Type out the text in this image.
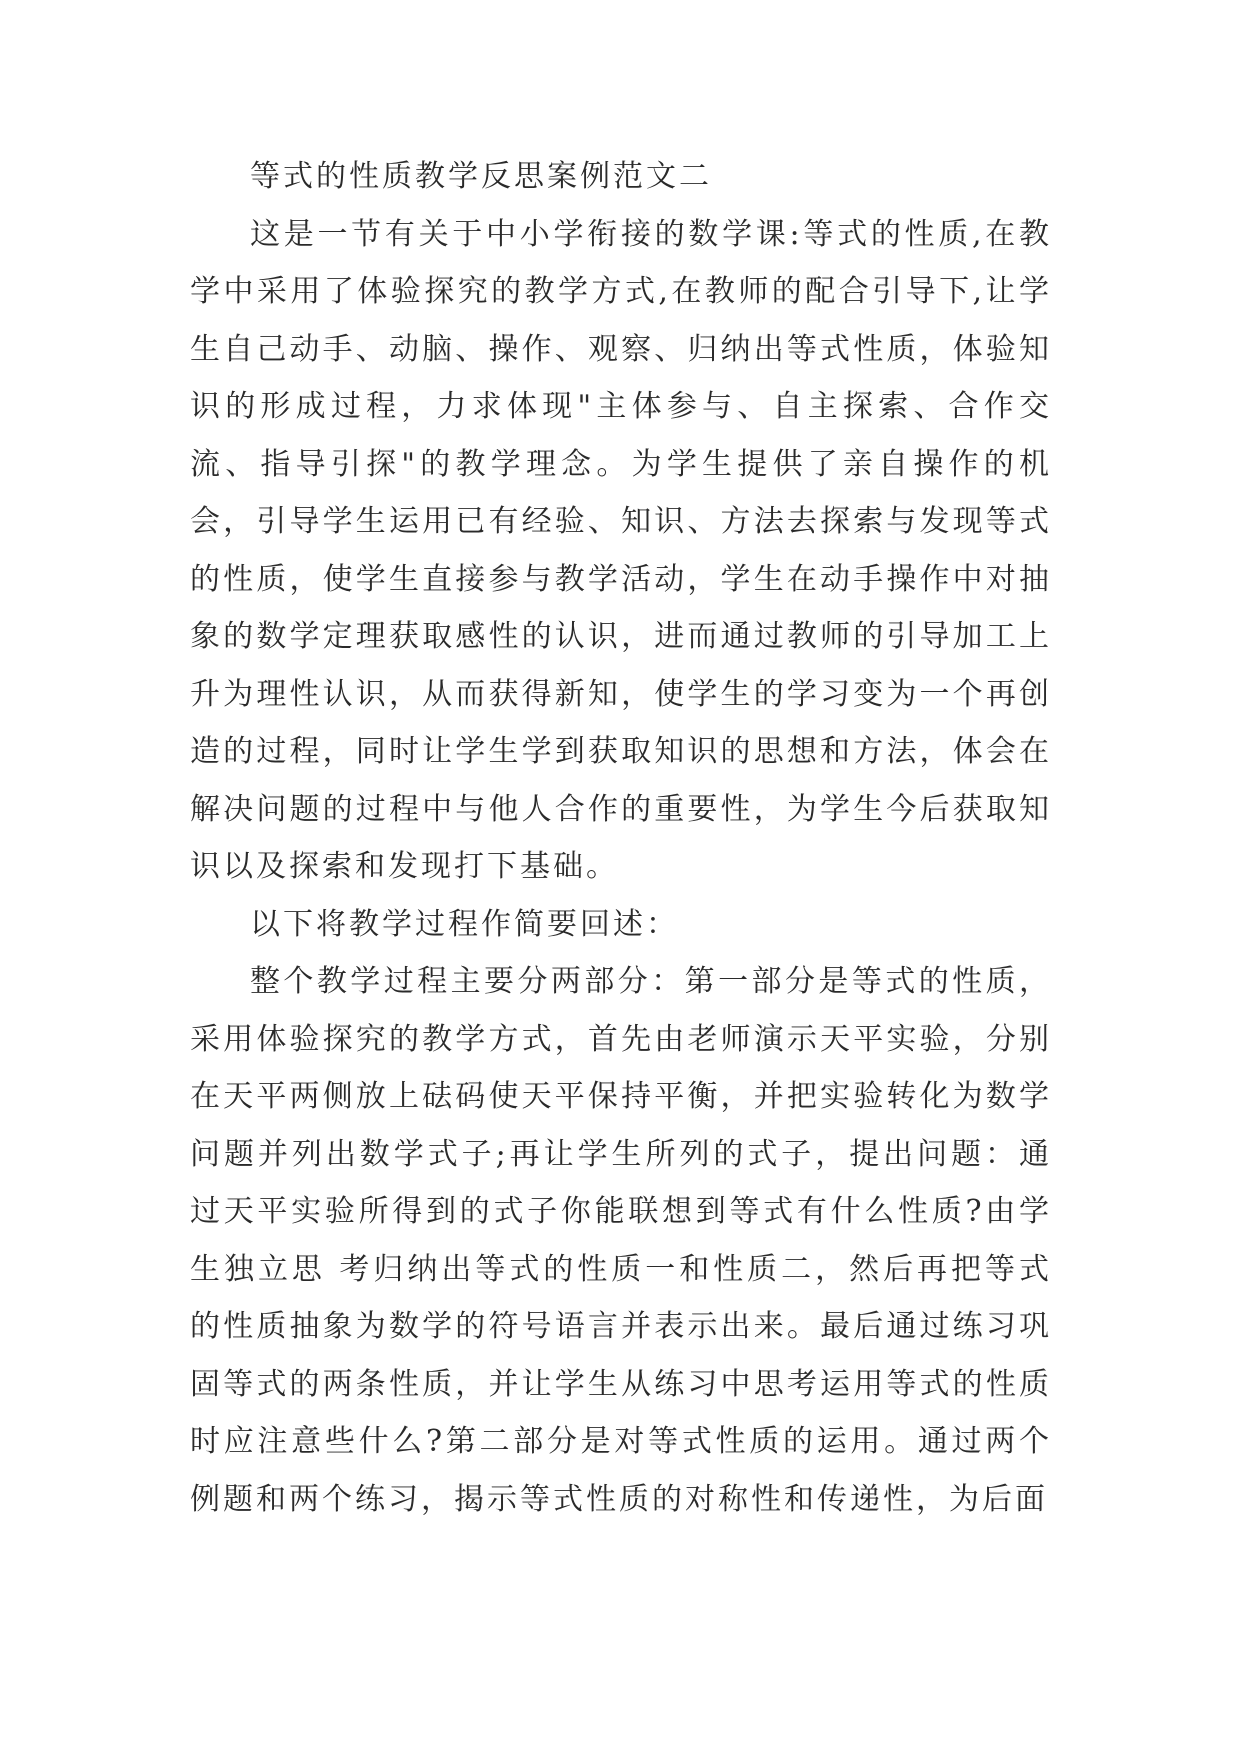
等式的性质教学反思案例范文二

这是一节有关于中小学衔接的数学课:等式的性质,在教学中采用了体验探究的教学方式,在教师的配合引导下,让学生自己动手、动脑、操作、观察、归纳出等式性质，体验知识的形成过程，力求体现"主体参与、自主探索、合作交流、指导引探"的教学理念。为学生提供了亲自操作的机会，引导学生运用已有经验、知识、方法去探索与发现等式的性质，使学生直接参与教学活动，学生在动手操作中对抽象的数学定理获取感性的认识，进而通过教师的引导加工上升为理性认识，从而获得新知，使学生的学习变为一个再创造的过程，同时让学生学到获取知识的思想和方法，体会在解决问题的过程中与他人合作的重要性，为学生今后获取知识以及探索和发现打下基础。

以下将教学过程作简要回述：

整个教学过程主要分两部分：第一部分是等式的性质，采用体验探究的教学方式，首先由老师演示天平实验，分别在天平两侧放上砝码使天平保持平衡，并把实验转化为数学问题并列出数学式子;再让学生所列的式子，提出问题：通过天平实验所得到的式子你能联想到等式有什么性质?由学生独立思 考归纳出等式的性质一和性质二，然后再把等式的性质抽象为数学的符号语言并表示出来。最后通过练习巩固等式的两条性质，并让学生从练习中思考运用等式的性质时应注意些什么?第二部分是对等式性质的运用。通过两个例题和两个练习，揭示等式性质的对称性和传递性，为后面
